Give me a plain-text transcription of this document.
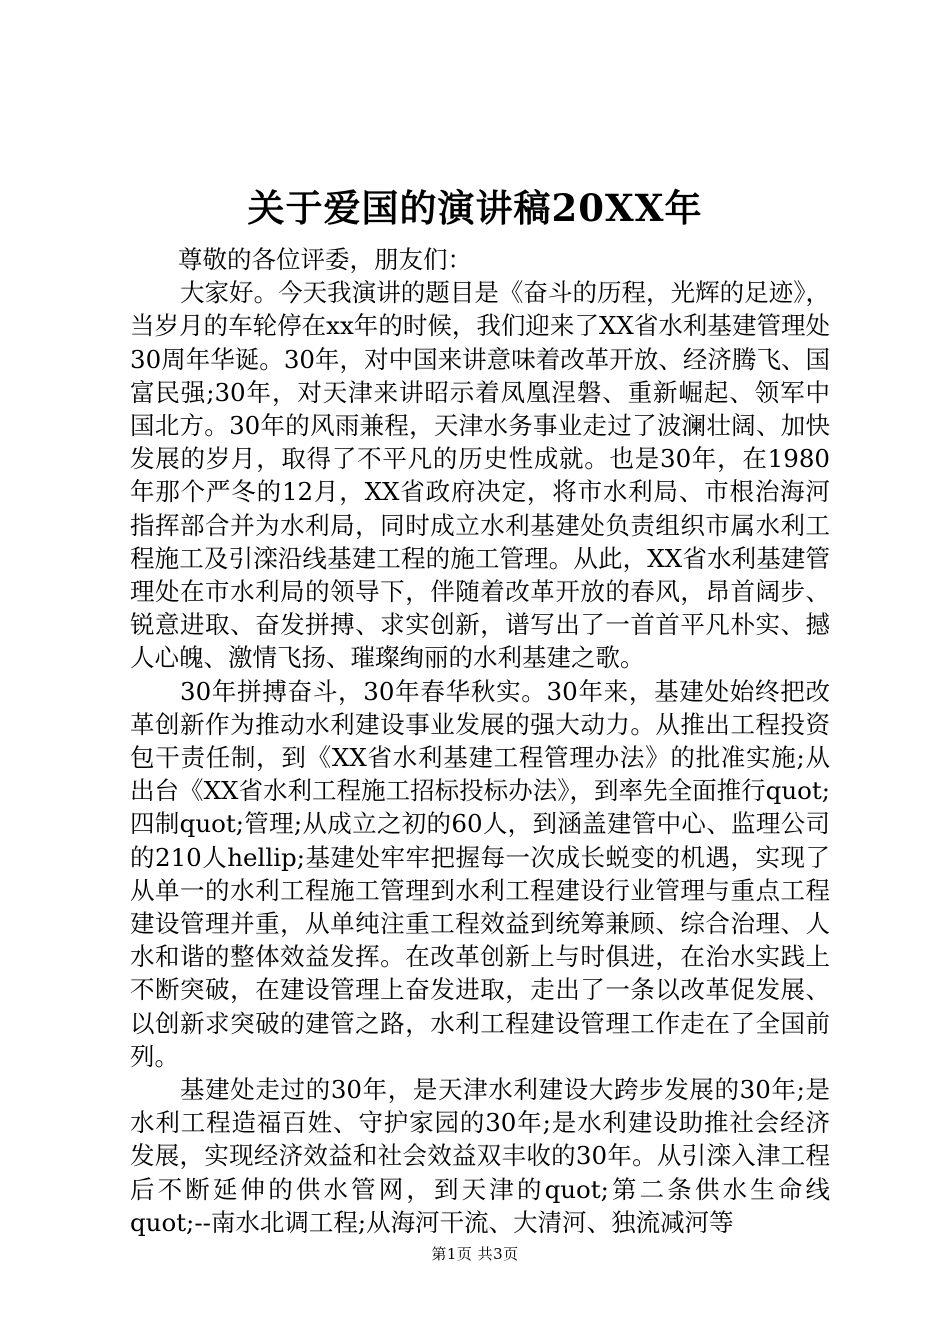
关于爱国的演讲稿20XX年

尊敬的各位评委，朋友们：

大家好。今天我演讲的题目是《奋斗的历程，光辉的足迹》，当岁月的车轮停在xx年的时候，我们迎来了XX省水利基建管理处30周年华诞。30年，对中国来讲意味着改革开放、经济腾飞、国富民强;30年，对天津来讲昭示着凤凰涅磐、重新崛起、领军中国北方。30年的风雨兼程，天津水务事业走过了波澜壮阔、加快发展的岁月，取得了不平凡的历史性成就。也是30年，在1980年那个严冬的12月，XX省政府决定，将市水利局、市根治海河指挥部合并为水利局，同时成立水利基建处负责组织市属水利工程施工及引滦沿线基建工程的施工管理。从此，XX省水利基建管理处在市水利局的领导下，伴随着改革开放的春风，昂首阔步、锐意进取、奋发拼搏、求实创新，谱写出了一首首平凡朴实、撼人心魄、激情飞扬、璀璨绚丽的水利基建之歌。

30年拼搏奋斗，30年春华秋实。30年来，基建处始终把改革创新作为推动水利建设事业发展的强大动力。从推出工程投资包干责任制，到《XX省水利基建工程管理办法》的批准实施;从出台《XX省水利工程施工招标投标办法》，到率先全面推行quot;四制quot;管理;从成立之初的60人，到涵盖建管中心、监理公司的210人hellip;基建处牢牢把握每一次成长蜕变的机遇，实现了从单一的水利工程施工管理到水利工程建设行业管理与重点工程建设管理并重，从单纯注重工程效益到统筹兼顾、综合治理、人水和谐的整体效益发挥。在改革创新上与时俱进，在治水实践上不断突破，在建设管理上奋发进取，走出了一条以改革促发展、以创新求突破的建管之路，水利工程建设管理工作走在了全国前列。

基建处走过的30年，是天津水利建设大跨步发展的30年;是水利工程造福百姓、守护家园的30年;是水利建设助推社会经济发展，实现经济效益和社会效益双丰收的30年。从引滦入津工程后不断延伸的供水管网，到天津的quot;第二条供水生命线quot;--南水北调工程;从海河干流、大清河、独流减河等

第1页 共3页
